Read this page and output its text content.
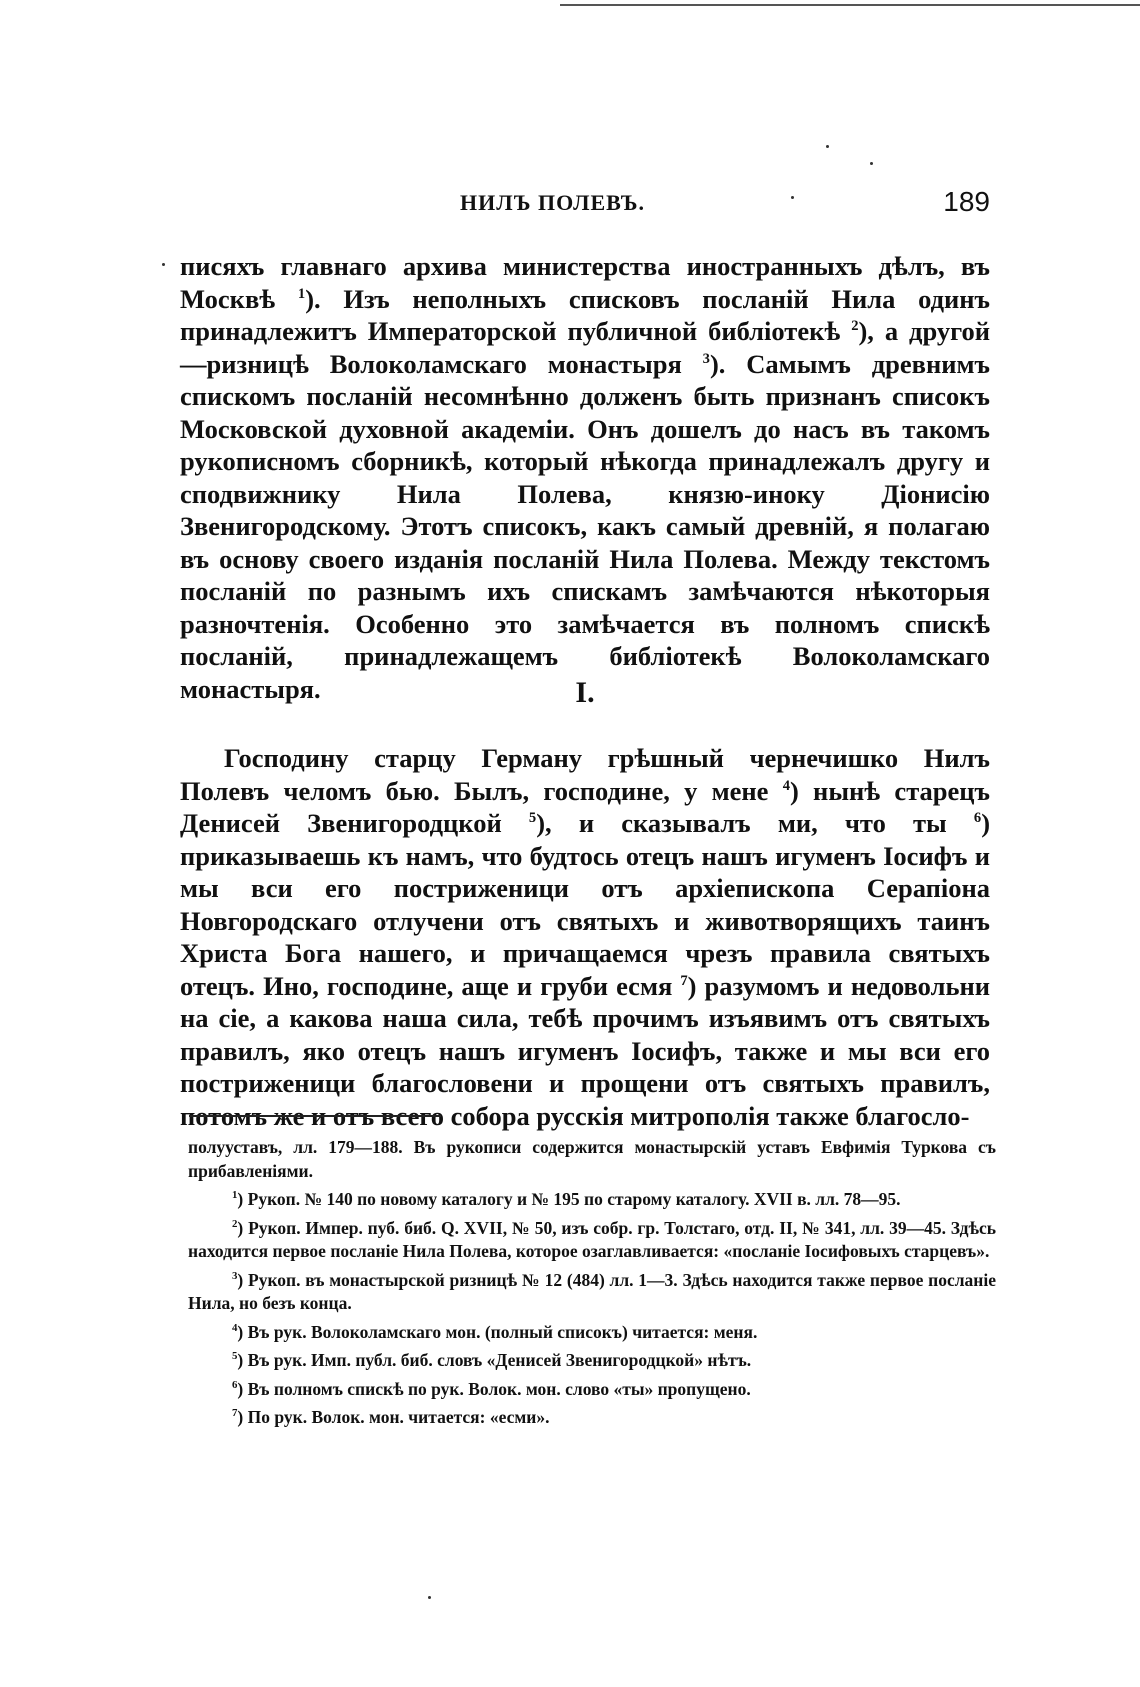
НИЛЪ ПОЛЕВЪ.	189

писяхъ главнаго архива министерства иностранныхъ дѣлъ, въ Москвѣ $^1$). Изъ неполныхъ списковъ посланій Нила одинъ принадлежитъ Императорской публичной библіотекѣ $^2$), а другой—ризницѣ Волоколамскаго монастыря $^3$). Самымъ древнимъ спискомъ посланій несомнѣнно долженъ быть признанъ списокъ Московской духовной академіи. Онъ дошелъ до насъ въ такомъ рукописномъ сборникѣ, который нѣкогда принадлежалъ другу и сподвижнику Нила Полева, князю-иноку Діонисію Звенигородскому. Этотъ списокъ, какъ самый древній, я полагаю въ основу своего изданія посланій Нила Полева. Между текстомъ посланій по разнымъ ихъ спискамъ замѣчаются нѣкоторыя разночтенія. Особенно это замѣчается въ полномъ спискѣ посланій, принадлежащемъ библіотекѣ Волоколамскаго монастыря.	I.

Господину старцу Герману грѣшный чернечишко Нилъ Полевъ челомъ бью. Былъ, господине, у мене $^4$) нынѣ старецъ Денисей Звенигородцкой $^5$), и сказывалъ ми, что ты $^6$) приказываешь къ намъ, что будтось отецъ нашъ игуменъ Іосифъ и мы вси его постриженици отъ архіепископа Серапіона Новгородскаго отлучени отъ святыхъ и животворящихъ таинъ Христа Бога нашего, и причащаемся чрезъ правила святыхъ отецъ. Ино, господине, аще и груби есмя $^7$) разумомъ и недовольни на сіе, а какова наша сила, тебѣ прочимъ изъявимъ отъ святыхъ правилъ, яко отецъ нашъ игуменъ Іосифъ, также и мы вси его постриженици благословени и прощени отъ святыхъ правилъ, потомъ же и отъ всего собора русскія митрополія также благосло-

полууставъ, лл. 179—188. Въ рукописи содержится монастырскій уставъ Евфимія Туркова съ прибавленіями.

$^1$) Рукоп. № 140 по новому каталогу и № 195 по старому каталогу. XVII в. лл. 78—95.

$^2$) Рукоп. Импер. пуб. биб. Q. XVII, № 50, изъ собр. гр. Толстаго, отд. II, № 341, лл. 39—45. Здѣсь находится первое посланіе Нила Полева, которое озаглавливается: «посланіе Іосифовыхъ старцевъ».

$^3$) Рукоп. въ монастырской ризницѣ № 12 (484) лл. 1—3. Здѣсь находится также первое посланіе Нила, но безъ конца.

$^4$) Въ рук. Волоколамскаго мон. (полный списокъ) читается: меня.

$^5$) Въ рук. Имп. публ. биб. словъ «Денисей Звенигородцкой» нѣтъ.

$^6$) Въ полномъ спискѣ по рук. Волок. мон. слово «ты» пропущено.

$^7$) По рук. Волок. мон. читается: «есми».
